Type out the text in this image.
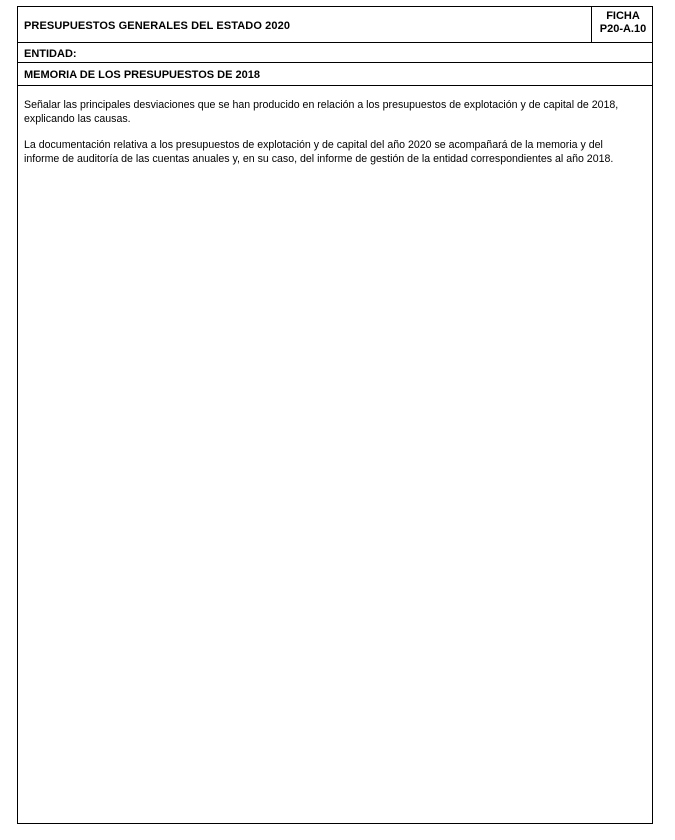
PRESUPUESTOS GENERALES DEL ESTADO 2020
FICHA
P20-A.10
ENTIDAD:
MEMORIA DE LOS PRESUPUESTOS DE 2018

Señalar las principales desviaciones que se han producido en relación a los presupuestos de explotación y de capital de 2018, explicando las causas.

La documentación relativa a los presupuestos de explotación y de capital del año 2020 se acompañará de la memoria y del informe de auditoría de las cuentas anuales y, en su caso, del informe de gestión de la entidad correspondientes al año 2018.
